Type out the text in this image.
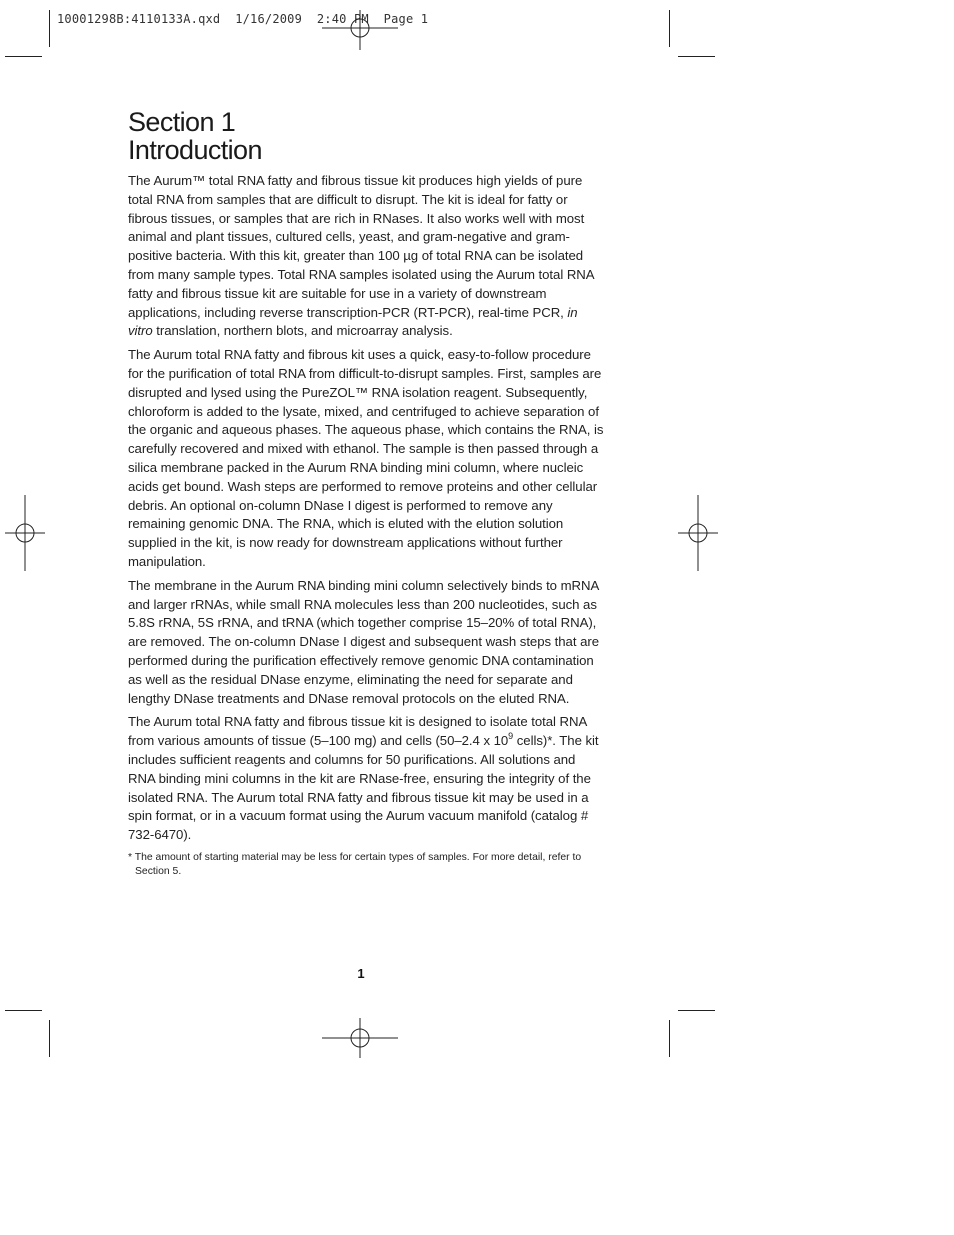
10001298B:4110133A.qxd  1/16/2009  2:40 PM  Page 1
Section 1
Introduction

The Aurum™ total RNA fatty and fibrous tissue kit produces high yields of pure total RNA from samples that are difficult to disrupt. The kit is ideal for fatty or fibrous tissues, or samples that are rich in RNases. It also works well with most animal and plant tissues, cultured cells, yeast, and gram-negative and gram-positive bacteria. With this kit, greater than 100 µg of total RNA can be isolated from many sample types. Total RNA samples isolated using the Aurum total RNA fatty and fibrous tissue kit are suitable for use in a variety of downstream applications, including reverse transcription-PCR (RT-PCR), real-time PCR, in vitro translation, northern blots, and microarray analysis.

The Aurum total RNA fatty and fibrous kit uses a quick, easy-to-follow procedure for the purification of total RNA from difficult-to-disrupt samples. First, samples are disrupted and lysed using the PureZOL™ RNA isolation reagent. Subsequently, chloroform is added to the lysate, mixed, and centrifuged to achieve separation of the organic and aqueous phases. The aqueous phase, which contains the RNA, is carefully recovered and mixed with ethanol. The sample is then passed through a silica membrane packed in the Aurum RNA binding mini column, where nucleic acids get bound. Wash steps are performed to remove proteins and other cellular debris. An optional on-column DNase I digest is performed to remove any remaining genomic DNA. The RNA, which is eluted with the elution solution supplied in the kit, is now ready for downstream applications without further manipulation.

The membrane in the Aurum RNA binding mini column selectively binds to mRNA and larger rRNAs, while small RNA molecules less than 200 nucleotides, such as 5.8S rRNA, 5S rRNA, and tRNA (which together comprise 15–20% of total RNA), are removed. The on-column DNase I digest and subsequent wash steps that are performed during the purification effectively remove genomic DNA contamination as well as the residual DNase enzyme, eliminating the need for separate and lengthy DNase treatments and DNase removal protocols on the eluted RNA.

The Aurum total RNA fatty and fibrous tissue kit is designed to isolate total RNA from various amounts of tissue (5–100 mg) and cells (50–2.4 x $10^9$ cells)*. The kit includes sufficient reagents and columns for 50 purifications. All solutions and RNA binding mini columns in the kit are RNase-free, ensuring the integrity of the isolated RNA. The Aurum total RNA fatty and fibrous tissue kit may be used in a spin format, or in a vacuum format using the Aurum vacuum manifold (catalog # 732-6470).

* The amount of starting material may be less for certain types of samples. For more detail, refer to Section 5.
1
